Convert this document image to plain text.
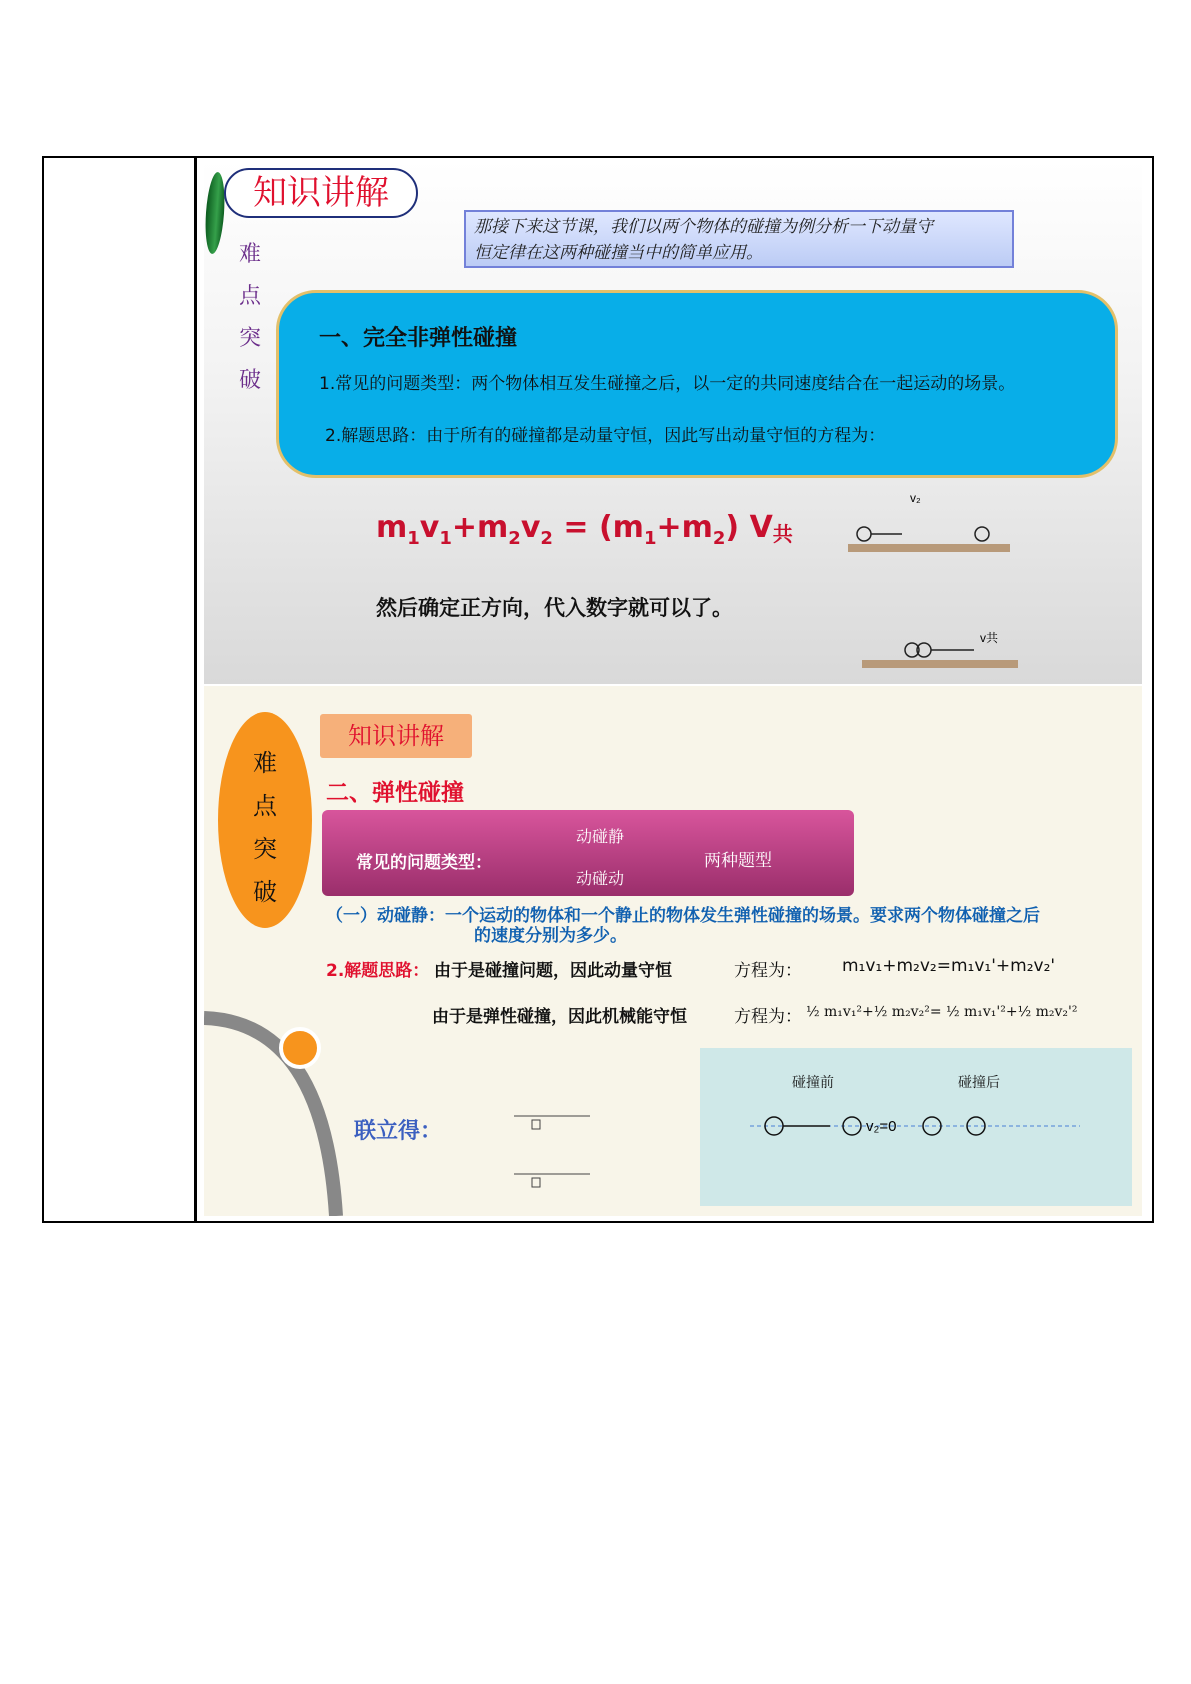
知识讲解
难
点
突
破
那接下来这节课，我们以两个物体的碰撞为例分析一下动量守
恒定律在这两种碰撞当中的简单应用。
一、完全非弹性碰撞
1.常见的问题类型：两个物体相互发生碰撞之后，以一定的共同速度结合在一起运动的场景。
2.解题思路：由于所有的碰撞都是动量守恒，因此写出动量守恒的方程为：
$m_1v_1+m_2v_2 = (m_1+m_2)$ V共
然后确定正方向，代入数字就可以了。
v₂
v共
难
点
突
破
知识讲解
二、弹性碰撞
常见的问题类型：
动碰静
动碰动
两种题型
（一）动碰静：一个运动的物体和一个静止的物体发生弹性碰撞的场景。要求两个物体碰撞之后
的速度分别为多少。
2.解题思路： 由于是碰撞问题，因此动量守恒
由于是弹性碰撞，因此机械能守恒
方程为： m₁v₁+m₂v₂=m₁v₁'+m₂v₂'
方程为： ½ m₁v₁²+½ m₂v₂²= ½ m₁v₁'²+½ m₂v₂'²
联立得：
碰撞前	碰撞后
v₂=0
